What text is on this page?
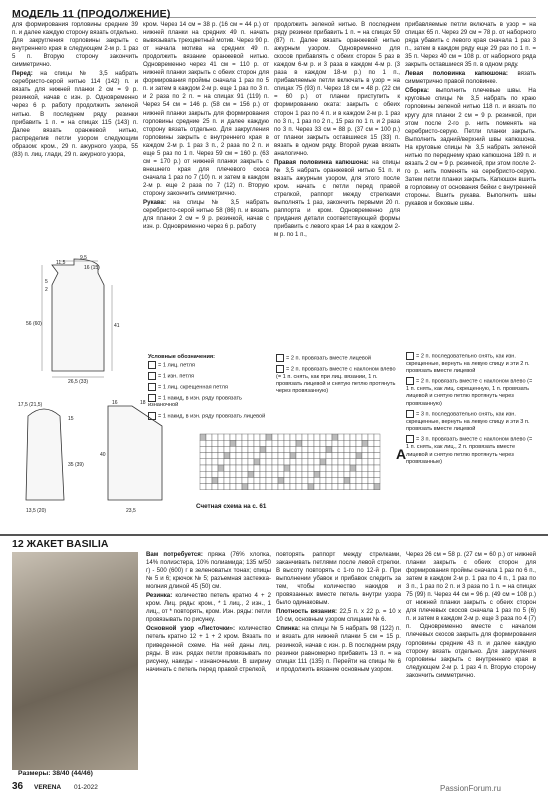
МОДЕЛЬ 11 (ПРОДОЛЖЕНИЕ)

для формирования горловины средние 39 п. и далее каждую сторону вязать отдельно. Для закругления горловины закрыть с внутреннего края в следующем 2-м р. 1 раз 5 п. Вторую сторону закончить симметрично.

Перед: на спицы № 3,5 набрать серебристо-серой нитью 114 (142) п. и вязать для нижней планки 2 см = 9 р. резинкой, начав с изн. р. Одновременно через 6 р. работу продолжить зеленой нитью. В последнем ряду резинки прибавить 1 п. = на спицах 115 (143) п. Далее вязать оранжевой нитью, распределив петли узором следующим образом: кром., 29 п. ажурного узора, 55 (83) п. лиц. глади, 29 п. ажурного узора,

кром. Через 14 см = 38 р. (16 см = 44 р.) от нижней планки на средних 49 п. начать вывязывать трехцветный мотив. Через 90 р. от начала мотива на средних 49 п. продолжить вязание оранжевой нитью. Одновременно через 41 см = 110 р. от нижней планки закрыть с обеих сторон для формирования проймы сначала 1 раз по 5 п. и затем в каждом 2-м р. еще 1 раз по 3 п. и 2 раза по 2 п. = на спицах 91 (119) п. Через 54 см = 146 р. (58 см = 156 р.) от нижней планки закрыть для формирования горловины средние 25 п. и далее каждую сторону вязать отдельно. Для закругления горловины закрыть с внутреннего края в каждом 2-м р. 1 раз 3 п., 2 раза по 2 п. и еще 5 раз по 1 п. Через 59 см = 160 р. (63 см = 170 р.) от нижней планки закрыть с внешнего края для плечевого скоса сначала 1 раз по 7 (10) п. и затем в каждом 2-м р. еще 2 раза по 7 (12) п. Вторую сторону закончить симметрично.

Рукава: на спицы № 3,5 набрать серебристо-серой нитью 58 (86) п. и вязать для планки 2 см = 9 р. резинкой, начав с изн. р. Одновременно через 6 р. работу

продолжить зеленой нитью. В последнем ряду резинки прибавить 1 п. = на спицах 59 (87) п. Далее вязать оранжевой нитью ажурным узором. Одновременно для скосов прибавлять с обеих сторон 5 раз в каждом 6-м р. и 3 раза в каждом 4-м р. (3 раза в каждом 18-м р.) по 1 п., прибавляемые петли включать в узор = на спицах 75 (93) п. Через 18 см = 48 р. (22 см = 60 р.) от планки приступить к формированию окатa: закрыть с обеих сторон 1 раз по 4 п. и в каждом 2-м р. 1 раз по 3 п., 1 раз по 2 п., 15 раз по 1 п. и 2 раза по 3 п. Через 33 см = 88 р. (37 см = 100 р.) от планки закрыть оставшиеся 15 (33) п. вязать в одном ряду. Второй рукав вязать аналогично.

Правая половинка капюшона: на спицы № 3,5 набрать оранжевой нитью 51 п. и вязать ажурным узором, для этого после кром. начать с петли перед правой стрелкой, раппорт между стрелками выполнять 1 раз, закончить первыми 20 п. раппорта и кром. Одновременно для придания детали соответствующей формы прибавить с левого края 14 раз в каждом 2-м р. по 1 п.,

прибавляемые петли включать в узор = на спицах 65 п. Через 29 см = 78 р. от наборного ряда убавить с левого края сначала 1 раз 3 п., затем в каждом ряду еще 29 раз по 1 п. = 35 п. Через 40 см = 108 р. от наборного ряда закрыть оставшиеся 35 п. в одном ряду.

Левая половинка капюшона: вязать симметрично правой половинке.

Сборка: выполнить плечевые швы. На круговые спицы № 3,5 набрать по краю горловины зеленой нитью 118 п. и вязать по кругу для планки 2 см = 9 р. резинкой, при этом после 2-го р. нить поменять на серебристо-серую. Петли планки закрыть. Выполнить задний/верхний швы капюшона. На круговые спицы № 3,5 набрать зеленой нитью по переднему краю капюшона 189 п. и вязать 2 см = 9 р. резинкой, при этом после 2-го р. нить поменять на серебристо-серую. Затем петли планки закрыть. Капюшон вшить в горловину от основания бейки с внутренней стороны. Вшить рукава. Выполнить швы рукавов и боковые швы.

9,5
11,5
16 (15)
5
2
41
56 (60)
26,5 (33)
17,5 (21,5)
15
35 (39)
13,5 (20)
16	18
40
23,5
Условные обозначения:
= 1 лиц. петля
= 1 изн. петля
= 1 лиц. скрещенная петля
= 1 накид, в изн. ряду провязать изнаночной
= 1 накид, в изн. ряду провязать лицевой
= 2 п. провязать вместе лицевой
= 2 п. провязать вместе с наклоном влево (= 1 п. снять, как при лиц. вязании, 1 п. провязать лицевой и снятую петлю протянуть через провязанную)
= 2 п. последовательно снять, как изн. скрещенные, вернуть на левую спицу и эти 2 п. провязать вместе лицевой
= 2 п. провязать вместе с наклоном влево (= 1 п. снять, как лиц. скрещенную, 1 п. провязать лицевой и снятую петлю протянуть через провязанную)
= 3 п. последовательно снять, как изн. скрещенные, вернуть на левую спицу и эти 3 п. провязать вместе лицевой
= 3 п. провязать вместе с наклоном влево (= 1 п. снять, как лиц., 2 п. провязать вместе лицевой и снятую петлю протянуть через провязанные)
A
Счетная схема на с. 61
12 ЖАКЕТ BASILIA
Размеры: 38/40 (44/46)

Вам потребуется: пряжа (76% хлопка, 14% полиэстера, 10% полиамида; 135 м/50 г) - 500 (600) г в зеленоватых тонах; спицы № 5 и 6; крючок № 5; разъемная застежка-молния длиной 45 (50) см.

Резинка: количество петель кратно 4 + 2 кром. Лиц. ряды: кром., * 1 лиц., 2 изн., 1 лиц., от * повторять, кром. Изн. ряды: петли провязывать по рисунку.

Основной узор «Листочки»: количество петель кратно 12 + 1 + 2 кром. Вязать по приведенной схеме. На ней даны лиц. ряды. В изн. рядах петли провязывать по рисунку, накиды - изнаночными. В ширину начинать с петель перед правой стрелкой,

повторять раппорт между стрелками, заканчивать петлями после левой стрелки. В высоту повторять с 1-го по 12-й р. При выполнении убавок и прибавок следить за тем, чтобы количество накидов и провязанных вместе петель внутри узора было одинаковым.

Плотность вязания: 22,5 п. х 22 р. = 10 х 10 см, основным узором спицами № 6.

Спинка: на спицы № 5 набрать 98 (122) п. и вязать для нижней планки 5 см = 15 р. резинкой, начав с изн. р. В последнем ряду резинки равномерно прибавить 13 п. = на спицах 111 (135) п. Перейти на спицы № 6 и продолжить вязание основным узором.

Через 26 см = 58 р. (27 см = 60 р.) от нижней планки закрыть с обеих сторон для формирования проймы сначала 1 раз по 6 п., затем в каждом 2-м р. 1 раз по 4 п., 1 раз по 3 п., 1 раз по 2 п. и 3 раза по 1 п. = на спицах 75 (99) п. Через 44 см = 96 р. (49 см = 108 р.) от нижней планки закрыть с обеих сторон для плечевых скосов сначала 1 раз по 5 (6) п. и затем в каждом 2-м р. еще 3 раза по 4 (7) п. Одновременно вместе с началом плечевых скосов закрыть для формирования горловины средние 43 п. и далее каждую сторону вязать отдельно. Для закругления горловины закрыть с внутреннего края в следующем 2-м р. 1 раз 4 п. Вторую сторону закончить симметрично.

36 VERENA 01-2022	PassionForum.ru
